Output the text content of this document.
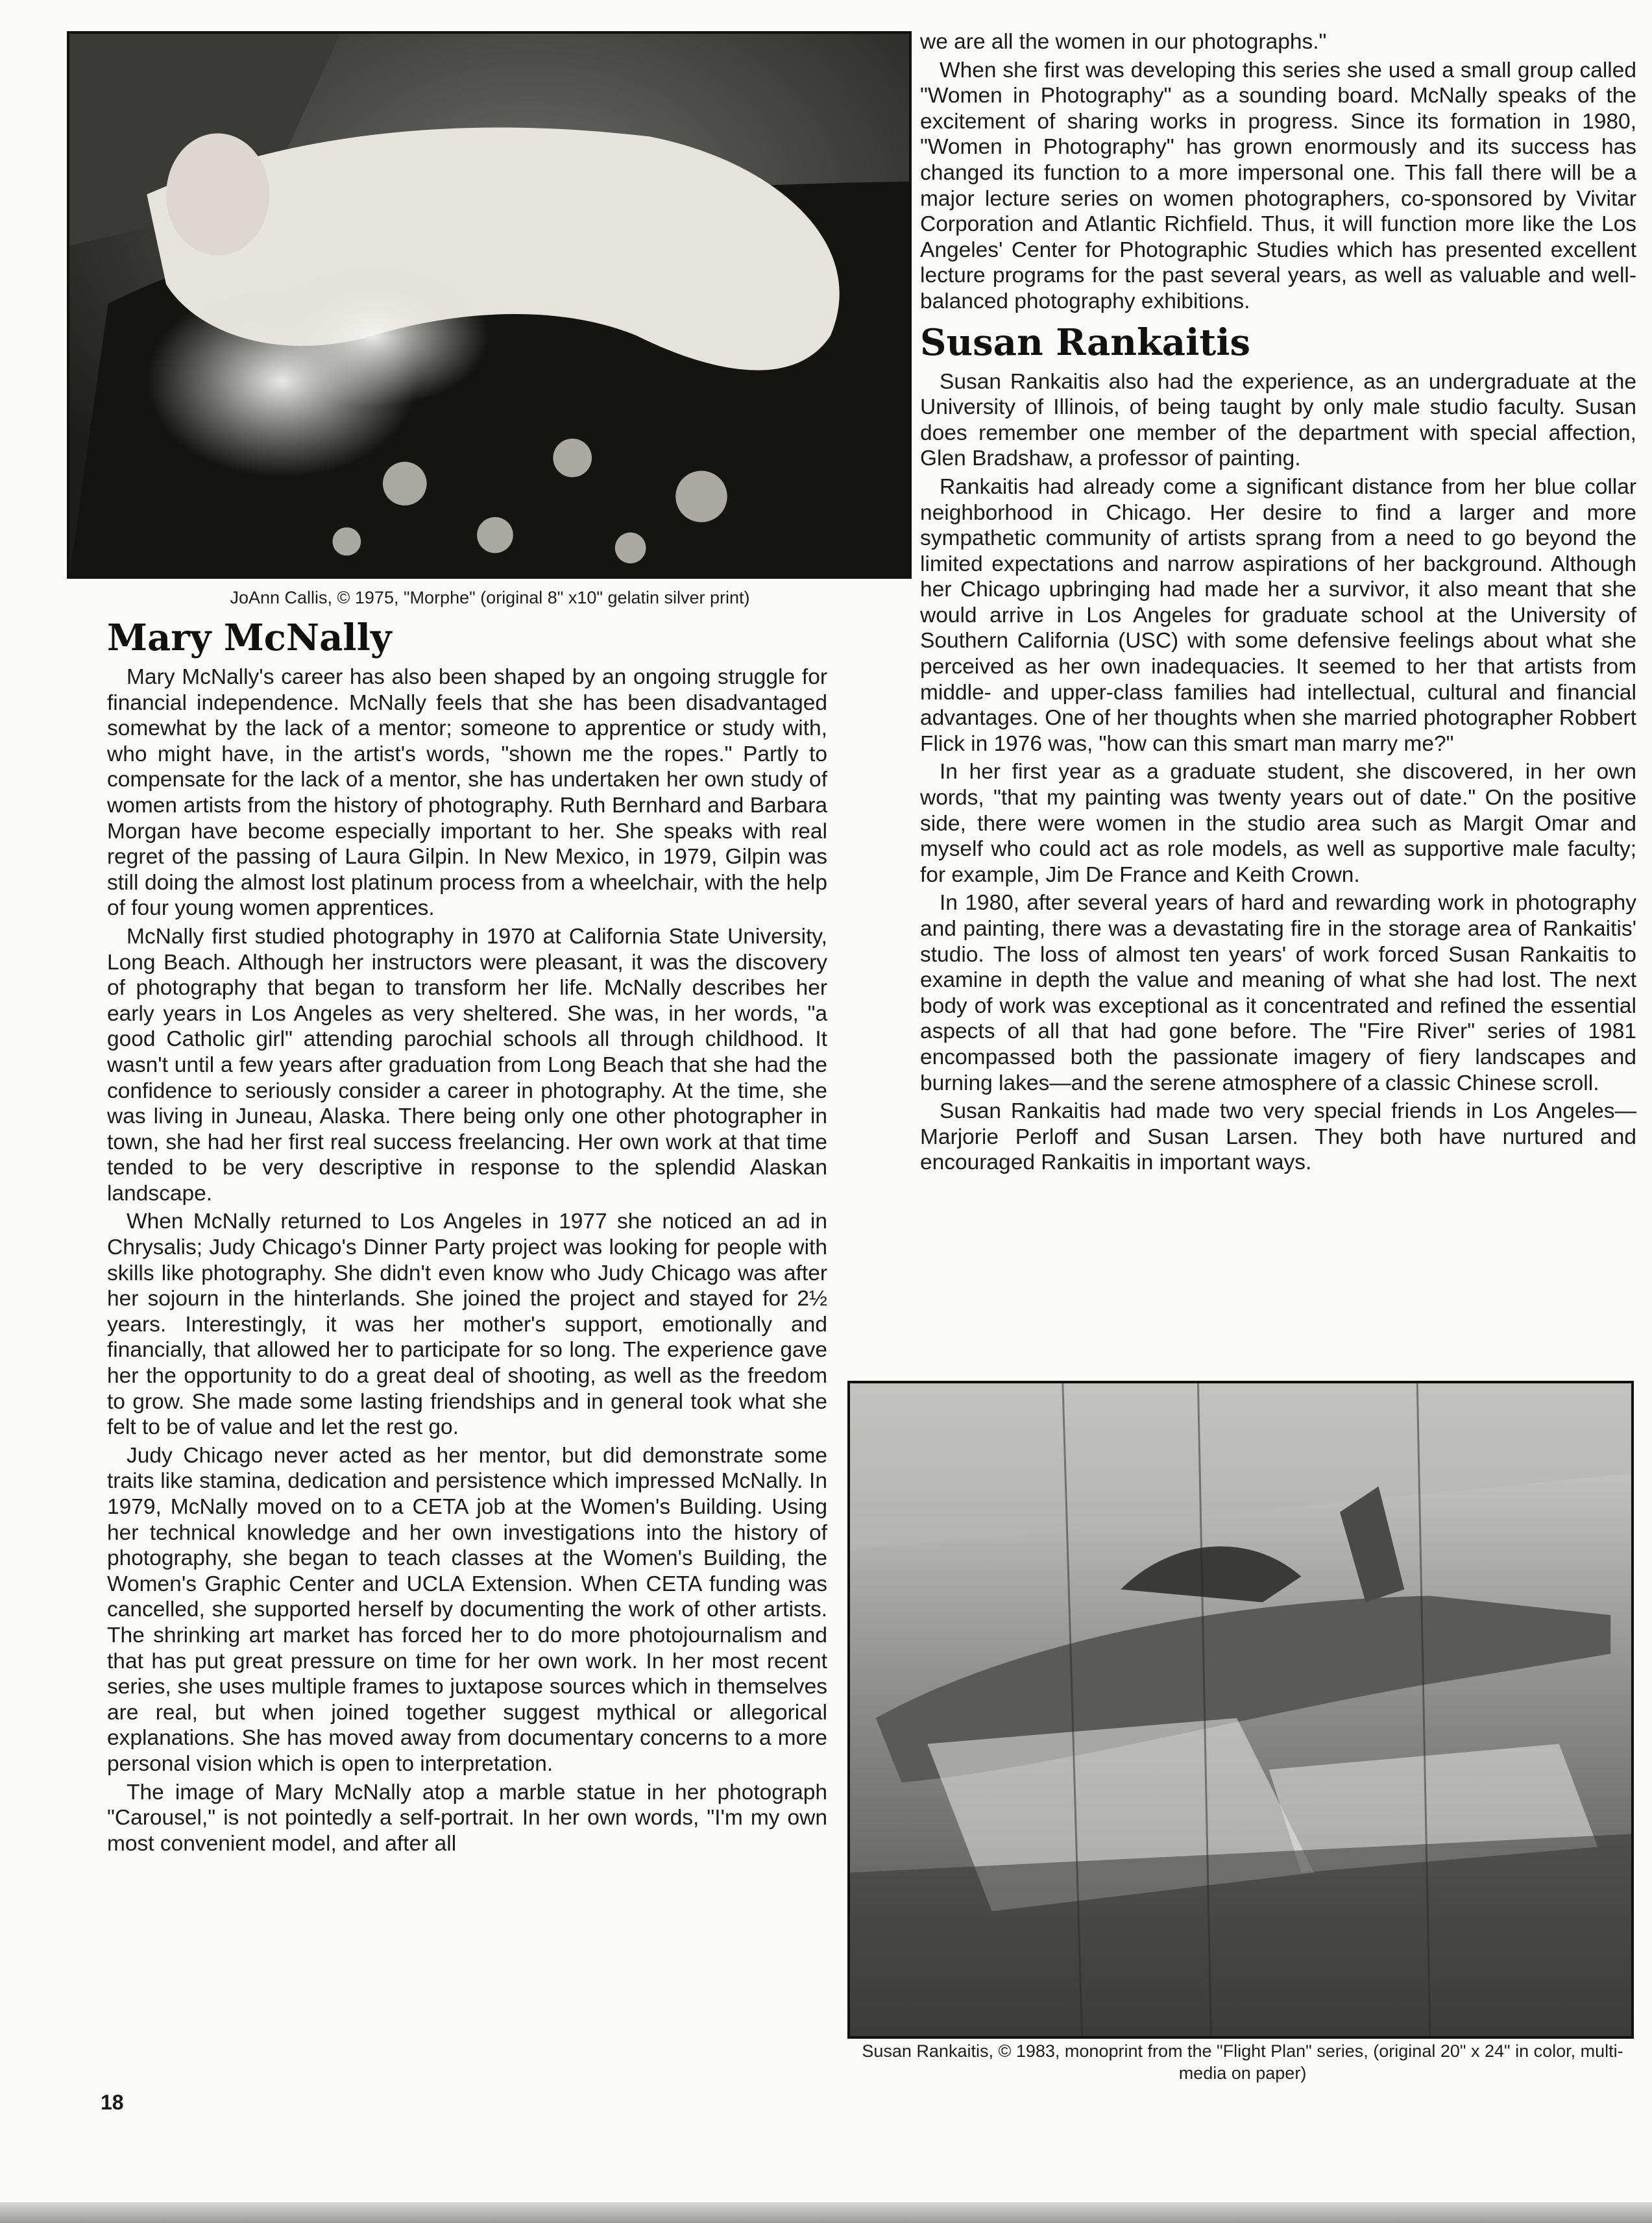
JoAnn Callis, © 1975, "Morphe" (original 8" x10" gelatin silver print)
Mary McNally

Mary McNally's career has also been shaped by an ongoing struggle for financial independence. McNally feels that she has been disadvantaged somewhat by the lack of a mentor; someone to apprentice or study with, who might have, in the artist's words, "shown me the ropes." Partly to compensate for the lack of a mentor, she has undertaken her own study of women artists from the history of photography. Ruth Bernhard and Barbara Morgan have become especially important to her. She speaks with real regret of the passing of Laura Gilpin. In New Mexico, in 1979, Gilpin was still doing the almost lost platinum process from a wheelchair, with the help of four young women apprentices.

McNally first studied photography in 1970 at California State University, Long Beach. Although her instructors were pleasant, it was the discovery of photography that began to transform her life. McNally describes her early years in Los Angeles as very sheltered. She was, in her words, "a good Catholic girl" attending parochial schools all through childhood. It wasn't until a few years after graduation from Long Beach that she had the confidence to seriously consider a career in photography. At the time, she was living in Juneau, Alaska. There being only one other photographer in town, she had her first real success freelancing. Her own work at that time tended to be very descriptive in response to the splendid Alaskan landscape.

When McNally returned to Los Angeles in 1977 she noticed an ad in Chrysalis; Judy Chicago's Dinner Party project was looking for people with skills like photography. She didn't even know who Judy Chicago was after her sojourn in the hinterlands. She joined the project and stayed for 2½ years. Interestingly, it was her mother's support, emotionally and financially, that allowed her to participate for so long. The experience gave her the opportunity to do a great deal of shooting, as well as the freedom to grow. She made some lasting friendships and in general took what she felt to be of value and let the rest go.

Judy Chicago never acted as her mentor, but did demonstrate some traits like stamina, dedication and persistence which impressed McNally. In 1979, McNally moved on to a CETA job at the Women's Building. Using her technical knowledge and her own investigations into the history of photography, she began to teach classes at the Women's Building, the Women's Graphic Center and UCLA Extension. When CETA funding was cancelled, she supported herself by documenting the work of other artists. The shrinking art market has forced her to do more photojournalism and that has put great pressure on time for her own work. In her most recent series, she uses multiple frames to juxtapose sources which in themselves are real, but when joined together suggest mythical or allegorical explanations. She has moved away from documentary concerns to a more personal vision which is open to interpretation.

The image of Mary McNally atop a marble statue in her photograph "Carousel," is not pointedly a self-portrait. In her own words, "I'm my own most convenient model, and after all

we are all the women in our photographs."

When she first was developing this series she used a small group called "Women in Photography" as a sounding board. McNally speaks of the excitement of sharing works in progress. Since its formation in 1980, "Women in Photography" has grown enormously and its success has changed its function to a more impersonal one. This fall there will be a major lecture series on women photographers, co-sponsored by Vivitar Corporation and Atlantic Richfield. Thus, it will function more like the Los Angeles' Center for Photographic Studies which has presented excellent lecture programs for the past several years, as well as valuable and well-balanced photography exhibitions.

Susan Rankaitis

Susan Rankaitis also had the experience, as an undergraduate at the University of Illinois, of being taught by only male studio faculty. Susan does remember one member of the department with special affection, Glen Bradshaw, a professor of painting.

Rankaitis had already come a significant distance from her blue collar neighborhood in Chicago. Her desire to find a larger and more sympathetic community of artists sprang from a need to go beyond the limited expectations and narrow aspirations of her background. Although her Chicago upbringing had made her a survivor, it also meant that she would arrive in Los Angeles for graduate school at the University of Southern California (USC) with some defensive feelings about what she perceived as her own inadequacies. It seemed to her that artists from middle- and upper-class families had intellectual, cultural and financial advantages. One of her thoughts when she married photographer Robbert Flick in 1976 was, "how can this smart man marry me?"

In her first year as a graduate student, she discovered, in her own words, "that my painting was twenty years out of date." On the positive side, there were women in the studio area such as Margit Omar and myself who could act as role models, as well as supportive male faculty; for example, Jim De France and Keith Crown.

In 1980, after several years of hard and rewarding work in photography and painting, there was a devastating fire in the storage area of Rankaitis' studio. The loss of almost ten years' of work forced Susan Rankaitis to examine in depth the value and meaning of what she had lost. The next body of work was exceptional as it concentrated and refined the essential aspects of all that had gone before. The "Fire River" series of 1981 encompassed both the passionate imagery of fiery landscapes and burning lakes—and the serene atmosphere of a classic Chinese scroll.

Susan Rankaitis had made two very special friends in Los Angeles—Marjorie Perloff and Susan Larsen. They both have nurtured and encouraged Rankaitis in important ways.

Susan Rankaitis, © 1983, monoprint from the "Flight Plan" series, (original 20" x 24" in color, multi-media on paper)
18
